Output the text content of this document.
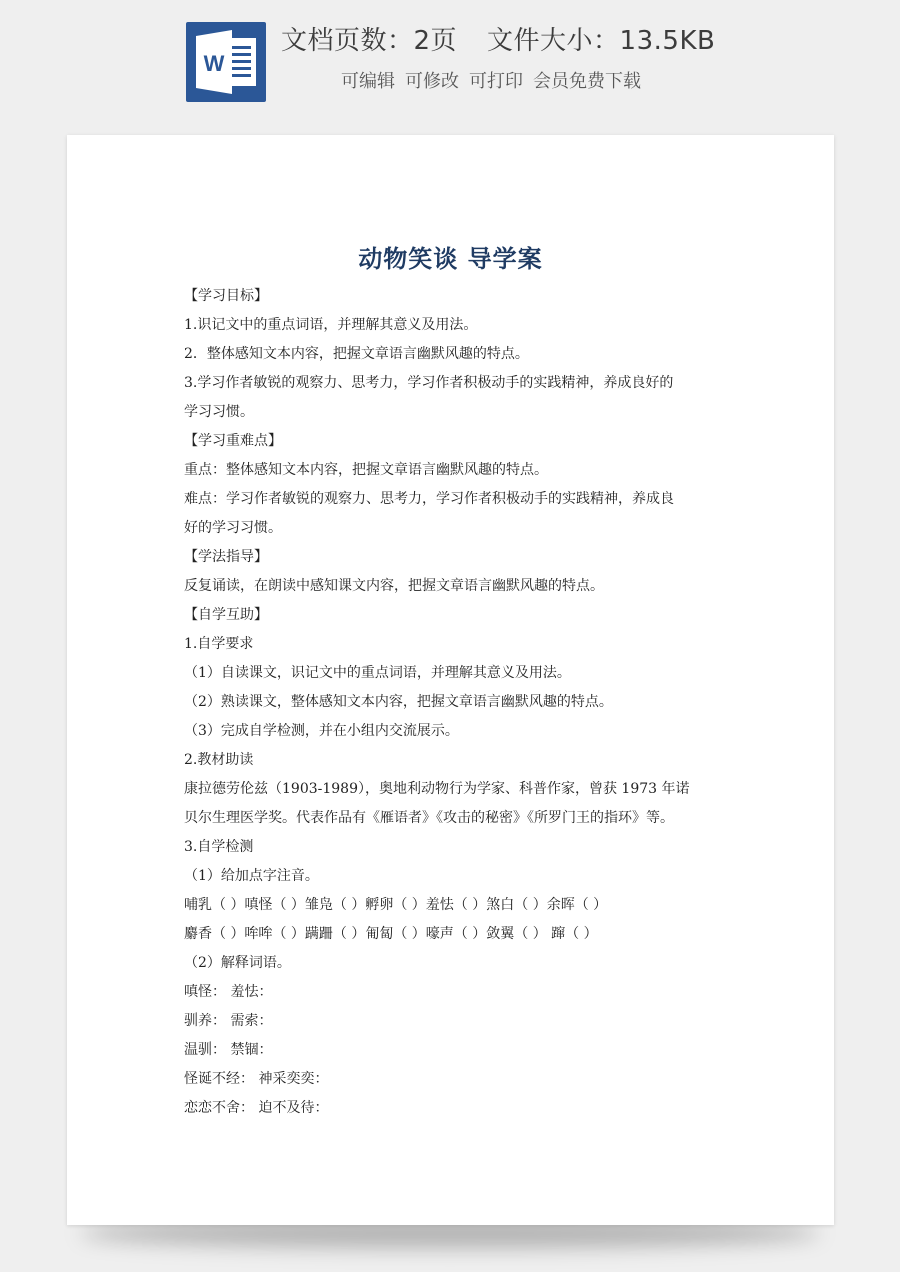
W
文档页数：2页 文件大小：13.5KB
可编辑 可修改 可打印 会员免费下载
动物笑谈 导学案
【学习目标】
1.识记文中的重点词语，并理解其意义及用法。
2．整体感知文本内容，把握文章语言幽默风趣的特点。
3.学习作者敏锐的观察力、思考力，学习作者积极动手的实践精神，养成良好的
学习习惯。
【学习重难点】
重点：整体感知文本内容，把握文章语言幽默风趣的特点。
难点：学习作者敏锐的观察力、思考力，学习作者积极动手的实践精神，养成良
好的学习习惯。
【学法指导】
反复诵读，在朗读中感知课文内容，把握文章语言幽默风趣的特点。
【自学互助】
1.自学要求
（1）自读课文，识记文中的重点词语，并理解其意义及用法。
（2）熟读课文，整体感知文本内容，把握文章语言幽默风趣的特点。
（3）完成自学检测，并在小组内交流展示。
2.教材助读
康拉德劳伦兹（1903-1989），奥地利动物行为学家、科普作家，曾获 1973 年诺
贝尔生理医学奖。代表作品有《雁语者》《攻击的秘密》《所罗门王的指环》等。
3.自学检测
（1）给加点字注音。
哺乳（ ）嗔怪（ ）雏凫（ ）孵卵（ ）羞怯（ ）煞白（ ）余晖（ ）
麝香（ ）哞哞（ ）蹒跚（ ）匍匐（ ）嚎声（ ）敛翼（ ） 蹿（ ）
（2）解释词语。
嗔怪： 羞怯：
驯养： 需索：
温驯： 禁锢：
怪诞不经： 神采奕奕：
恋恋不舍： 迫不及待：
